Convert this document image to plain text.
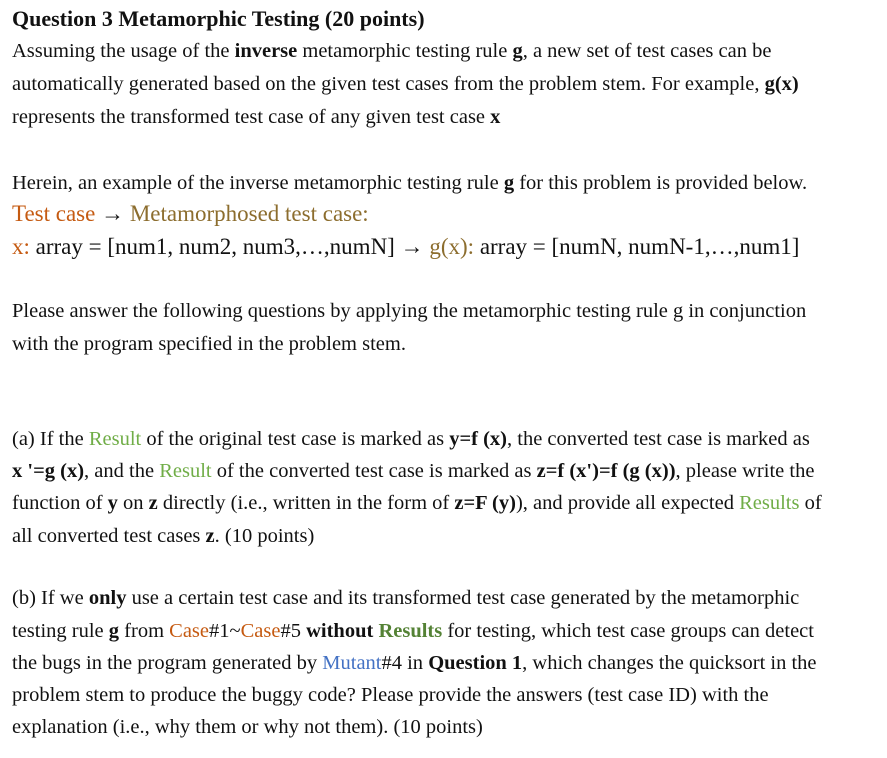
Question 3 Metamorphic Testing (20 points)
Assuming the usage of the inverse metamorphic testing rule g, a new set of test cases can be
automatically generated based on the given test cases from the problem stem. For example, g(x)
represents the transformed test case of any given test case x
Herein, an example of the inverse metamorphic testing rule g for this problem is provided below.
Test case → Metamorphosed test case:
x: array = [num1, num2, num3,…,numN] → g(x): array = [numN, numN-1,…,num1]
Please answer the following questions by applying the metamorphic testing rule g in conjunction
with the program specified in the problem stem.
(a) If the Result of the original test case is marked as y=f (x), the converted test case is marked as
x '=g (x), and the Result of the converted test case is marked as z=f (x')=f (g (x)), please write the
function of y on z directly (i.e., written in the form of z=F (y)), and provide all expected Results of
all converted test cases z. (10 points)
(b) If we only use a certain test case and its transformed test case generated by the metamorphic
testing rule g from Case#1~Case#5 without Results for testing, which test case groups can detect
the bugs in the program generated by Mutant#4 in Question 1, which changes the quicksort in the
problem stem to produce the buggy code? Please provide the answers (test case ID) with the
explanation (i.e., why them or why not them). (10 points)
